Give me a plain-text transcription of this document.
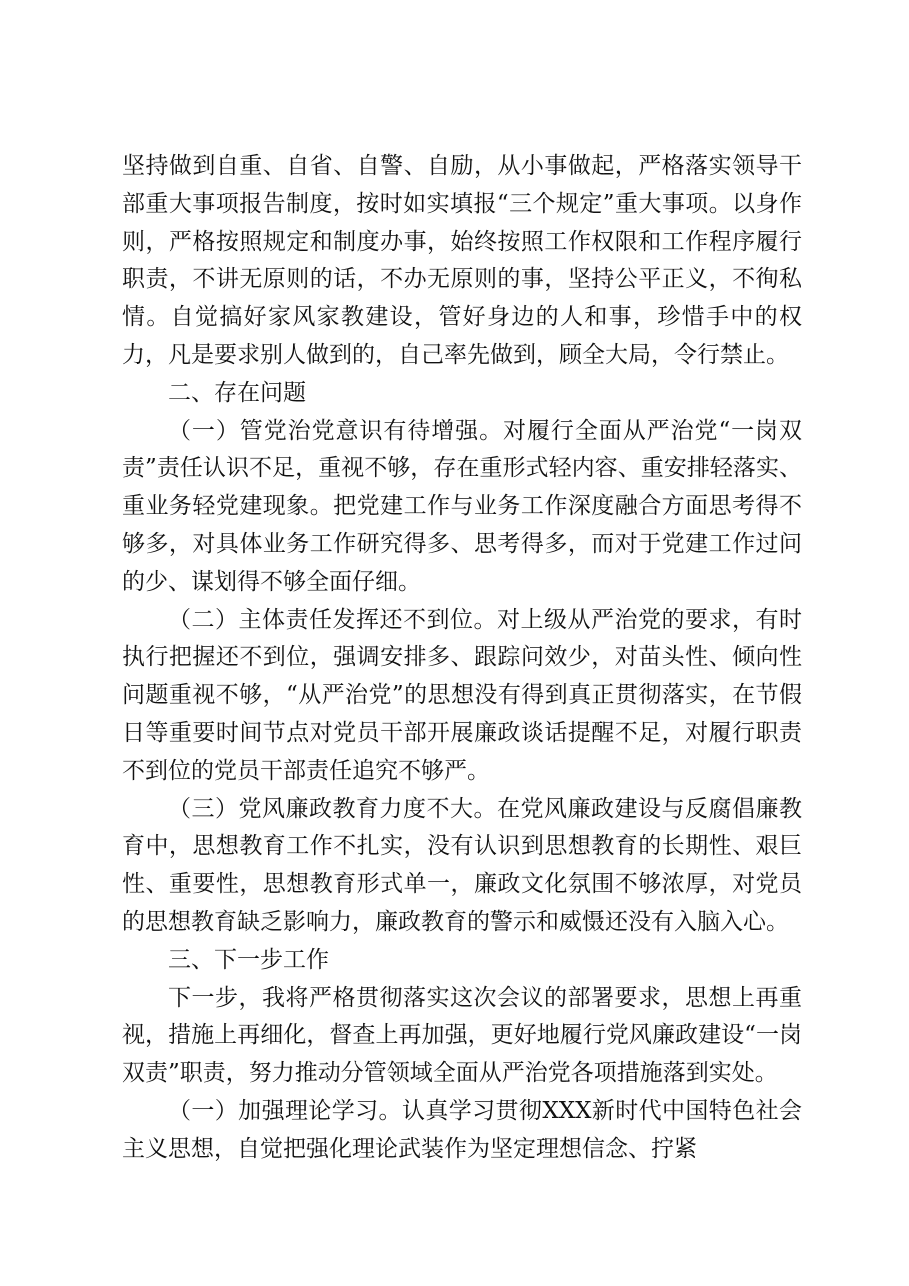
坚持做到自重、自省、自警、自励，从小事做起，严格落实领导干部重大事项报告制度，按时如实填报“三个规定”重大事项。以身作则，严格按照规定和制度办事，始终按照工作权限和工作程序履行职责，不讲无原则的话，不办无原则的事，坚持公平正义，不徇私情。自觉搞好家风家教建设，管好身边的人和事，珍惜手中的权力，凡是要求别人做到的，自己率先做到，顾全大局，令行禁止。

二、存在问题

（一）管党治党意识有待增强。对履行全面从严治党“一岗双责”责任认识不足，重视不够，存在重形式轻内容、重安排轻落实、重业务轻党建现象。把党建工作与业务工作深度融合方面思考得不够多，对具体业务工作研究得多、思考得多，而对于党建工作过问的少、谋划得不够全面仔细。

（二）主体责任发挥还不到位。对上级从严治党的要求，有时执行把握还不到位，强调安排多、跟踪问效少，对苗头性、倾向性问题重视不够，“从严治党”的思想没有得到真正贯彻落实，在节假日等重要时间节点对党员干部开展廉政谈话提醒不足，对履行职责不到位的党员干部责任追究不够严。

（三）党风廉政教育力度不大。在党风廉政建设与反腐倡廉教育中，思想教育工作不扎实，没有认识到思想教育的长期性、艰巨性、重要性，思想教育形式单一，廉政文化氛围不够浓厚，对党员的思想教育缺乏影响力，廉政教育的警示和威慑还没有入脑入心。

三、下一步工作

下一步，我将严格贯彻落实这次会议的部署要求，思想上再重视，措施上再细化，督查上再加强，更好地履行党风廉政建设“一岗双责”职责，努力推动分管领域全面从严治党各项措施落到实处。

（一）加强理论学习。认真学习贯彻XXX新时代中国特色社会主义思想，自觉把强化理论武装作为坚定理想信念、拧紧
